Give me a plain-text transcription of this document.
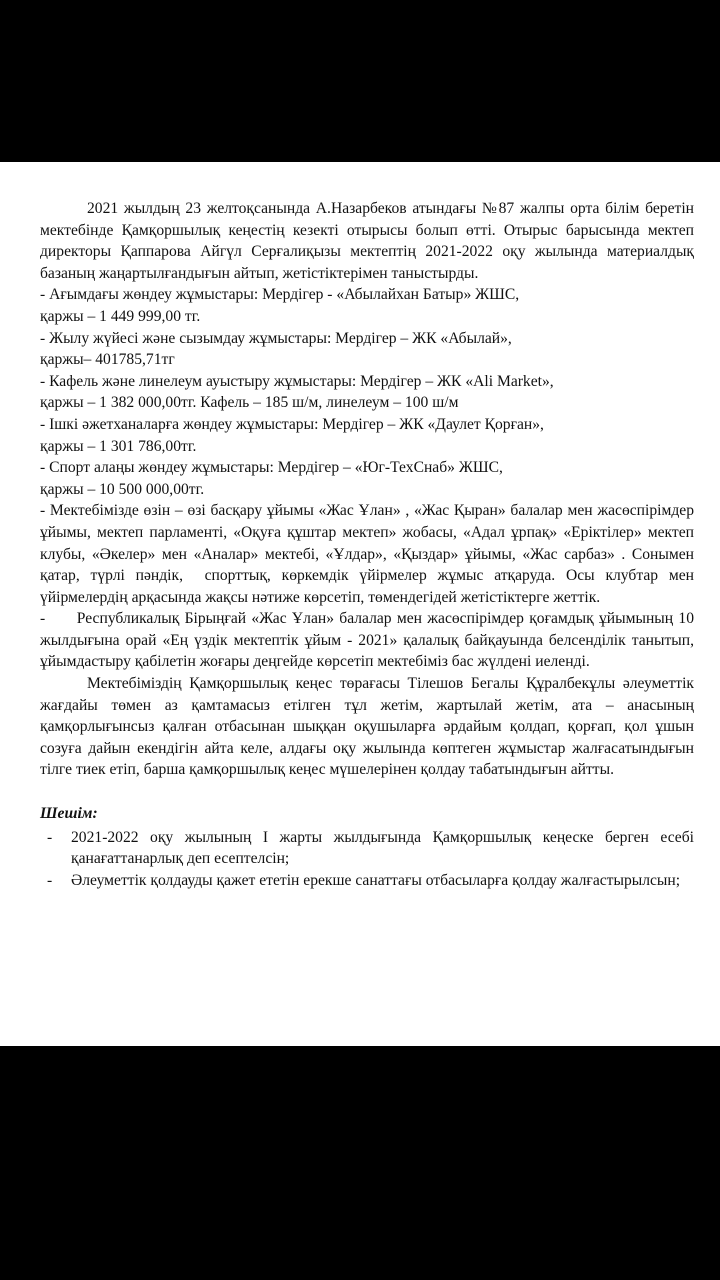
2021 жылдың 23 желтоқсанында А.Назарбеков атындағы №87 жалпы орта білім беретін мектебінде Қамқоршылық кеңестің кезекті отырысы болып өтті. Отырыс барысында мектеп директоры Қаппарова Айгүл Серғалиқызы мектептің 2021-2022 оқу жылында материалдық базаның жаңартылғандығын айтып, жетістіктерімен таныстырды.

- Ағымдағы жөндеу жұмыстары: Мердігер - «Абылайхан Батыр» ЖШС,

қаржы – 1 449 999,00 тг.

- Жылу жүйесі және сызымдау жұмыстары: Мердігер – ЖК «Абылай»,

қаржы– 401785,71тг

- Кафель және линелеум ауыстыру жұмыстары: Мердігер – ЖК «Ali Market»,

қаржы – 1 382 000,00тг. Кафель – 185 ш/м, линелеум – 100 ш/м

- Ішкі әжетханаларға жөндеу жұмыстары: Мердігер – ЖК «Даулет Қорған»,

қаржы – 1 301 786,00тг.

- Спорт алаңы жөндеу жұмыстары: Мердігер – «Юг-ТехСнаб» ЖШС,

қаржы – 10 500 000,00тг.

- Мектебімізде өзін – өзі басқару ұйымы «Жас Ұлан» , «Жас Қыран» балалар мен жасөспірімдер ұйымы, мектеп парламенті, «Оқуға құштар мектеп» жобасы, «Адал ұрпақ» «Еріктілер» мектеп клубы, «Әкелер» мен «Аналар» мектебі, «Ұлдар», «Қыздар» ұйымы, «Жас сарбаз» . Сонымен қатар, түрлі пәндік,  спорттық, көркемдік үйірмелер жұмыс атқаруда. Осы клубтар мен үйірмелердің арқасында жақсы нәтиже көрсетіп, төмендегідей жетістіктерге жеттік.

-      Республикалық Бірыңғай «Жас Ұлан» балалар мен жасөспірімдер қоғамдық ұйымының 10 жылдығына орай «Ең үздік мектептік ұйым - 2021» қалалық байқауында белсенділік танытып, ұйымдастыру қабілетін жоғары деңгейде көрсетіп мектебіміз бас жүлдені иеленді.

Мектебіміздің Қамқоршылық кеңес төрағасы Тілешов Бегалы Құралбекұлы әлеуметтік жағдайы төмен аз қамтамасыз етілген тұл жетім, жартылай жетім, ата – анасының қамқорлығынсыз қалған отбасынан шыққан оқушыларға әрдайым қолдап, қорғап, қол ұшын созуға дайын екендігін айта келе, алдағы оқу жылында көптеген жұмыстар жалғасатындығын тілге тиек етіп, барша қамқоршылық кеңес мүшелерінен қолдау табатындығын айтты.

Шешім:

- 2021-2022 оқу жылының І жарты жылдығында Қамқоршылық кеңеске берген есебі қанағаттанарлық деп есептелсін;
- Әлеуметтік қолдауды қажет ететін ерекше санаттағы отбасыларға қолдау жалғастырылсын;
